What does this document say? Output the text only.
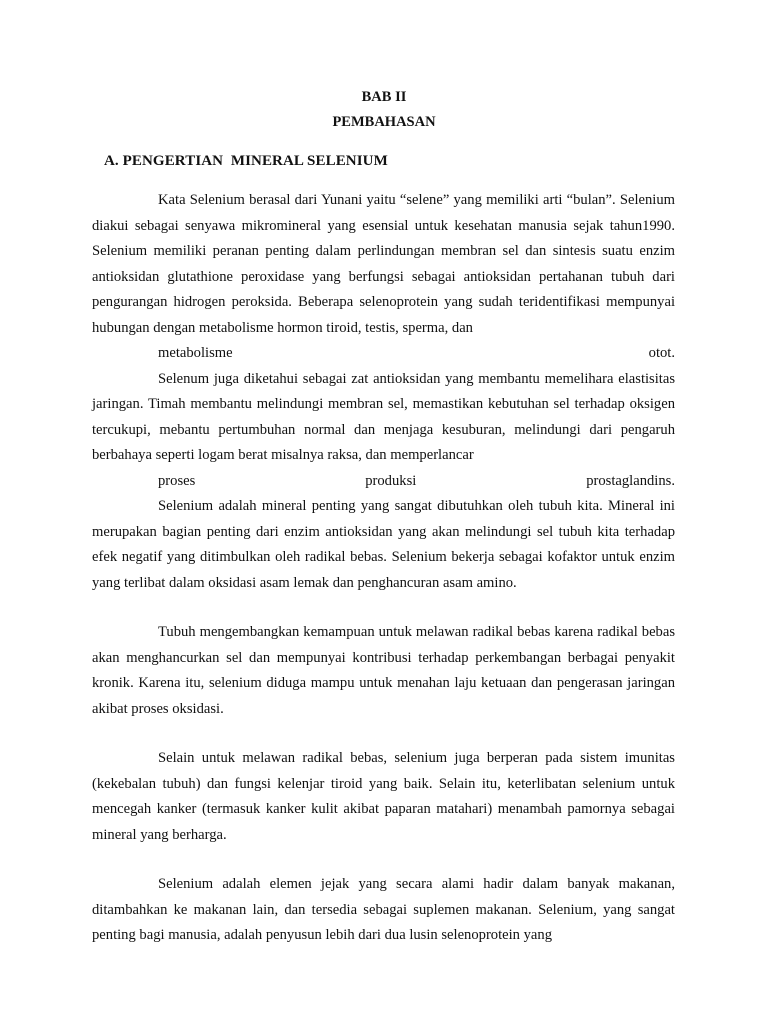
BAB II
PEMBAHASAN
A. PENGERTIAN  MINERAL SELENIUM

Kata Selenium berasal dari Yunani yaitu “selene” yang memiliki arti “bulan”. Selenium diakui sebagai senyawa mikromineral yang esensial untuk kesehatan manusia sejak tahun1990. Selenium memiliki peranan penting dalam perlindungan membran sel dan sintesis suatu enzim antioksidan glutathione peroxidase yang berfungsi sebagai antioksidan pertahanan tubuh dari pengurangan hidrogen peroksida. Beberapa selenoprotein yang sudah teridentifikasi mempunyai hubungan dengan metabolisme hormon tiroid, testis, sperma, dan

metabolisme	otot.

Selenum juga diketahui sebagai zat antioksidan yang membantu memelihara elastisitas jaringan. Timah membantu melindungi membran sel, memastikan kebutuhan sel terhadap oksigen tercukupi, mebantu pertumbuhan normal dan menjaga kesuburan, melindungi dari pengaruh berbahaya seperti logam berat misalnya raksa, dan memperlancar

proses	produksi	prostaglandins.

Selenium adalah mineral penting yang sangat dibutuhkan oleh tubuh kita. Mineral ini merupakan bagian penting dari enzim antioksidan yang akan melindungi sel tubuh kita terhadap efek negatif yang ditimbulkan oleh radikal bebas. Selenium bekerja sebagai kofaktor untuk enzim yang terlibat dalam oksidasi asam lemak dan penghancuran asam amino.

Tubuh mengembangkan kemampuan untuk melawan radikal bebas karena radikal bebas akan menghancurkan sel dan mempunyai kontribusi terhadap perkembangan berbagai penyakit kronik. Karena itu, selenium diduga mampu untuk menahan laju ketuaan dan pengerasan jaringan akibat proses oksidasi.

Selain untuk melawan radikal bebas, selenium juga berperan pada sistem imunitas (kekebalan tubuh) dan fungsi kelenjar tiroid yang baik. Selain itu, keterlibatan selenium untuk mencegah kanker (termasuk kanker kulit akibat paparan matahari) menambah pamornya sebagai mineral yang berharga.

Selenium adalah elemen jejak yang secara alami hadir dalam banyak makanan, ditambahkan ke makanan lain, dan tersedia sebagai suplemen makanan. Selenium, yang sangat penting bagi manusia, adalah penyusun lebih dari dua lusin selenoprotein yang
